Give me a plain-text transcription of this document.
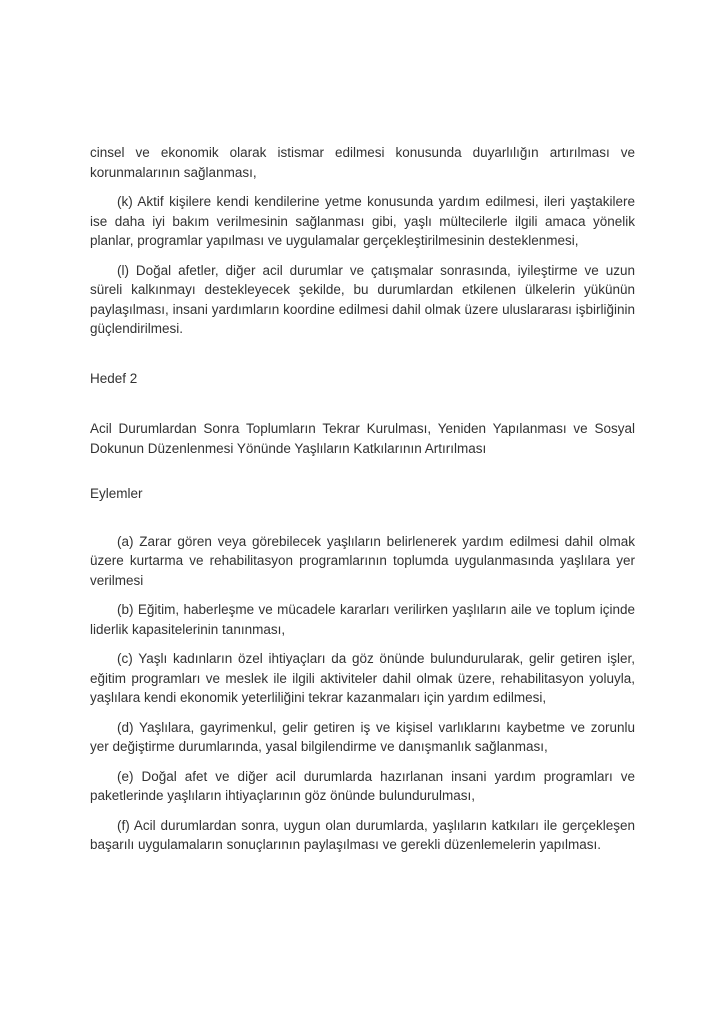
cinsel ve ekonomik olarak istismar edilmesi konusunda duyarlılığın artırılması ve korunmalarının sağlanması,

(k) Aktif kişilere kendi kendilerine yetme konusunda yardım edilmesi, ileri yaştakilere ise daha iyi bakım verilmesinin sağlanması gibi, yaşlı mültecilerle ilgili amaca yönelik planlar, programlar yapılması ve uygulamalar gerçekleştirilmesinin desteklenmesi,

(l) Doğal afetler, diğer acil durumlar ve çatışmalar sonrasında, iyileştirme ve uzun süreli kalkınmayı destekleyecek şekilde, bu durumlardan etkilenen ülkelerin yükünün paylaşılması, insani yardımların koordine edilmesi dahil olmak üzere uluslararası işbirliğinin güçlendirilmesi.

Hedef 2

Acil Durumlardan Sonra Toplumların Tekrar Kurulması, Yeniden Yapılanması ve Sosyal Dokunun Düzenlenmesi Yönünde Yaşlıların Katkılarının Artırılması

Eylemler

(a) Zarar gören veya görebilecek yaşlıların belirlenerek yardım edilmesi dahil olmak üzere kurtarma ve rehabilitasyon programlarının toplumda uygulanmasında yaşlılara yer verilmesi

(b) Eğitim, haberleşme ve mücadele kararları verilirken yaşlıların aile ve toplum içinde liderlik kapasitelerinin tanınması,

(c) Yaşlı kadınların özel ihtiyaçları da göz önünde bulundurularak, gelir getiren işler, eğitim programları ve meslek ile ilgili aktiviteler dahil olmak üzere, rehabilitasyon yoluyla, yaşlılara kendi ekonomik yeterliliğini tekrar kazanmaları için yardım edilmesi,

(d) Yaşlılara, gayrimenkul, gelir getiren iş ve kişisel varlıklarını kaybetme ve zorunlu yer değiştirme durumlarında, yasal bilgilendirme ve danışmanlık sağlanması,

(e) Doğal afet ve diğer acil durumlarda hazırlanan insani yardım programları ve paketlerinde yaşlıların ihtiyaçlarının göz önünde bulundurulması,

(f) Acil durumlardan sonra, uygun olan durumlarda, yaşlıların katkıları ile gerçekleşen başarılı uygulamaların sonuçlarının paylaşılması ve gerekli düzenlemelerin yapılması.
